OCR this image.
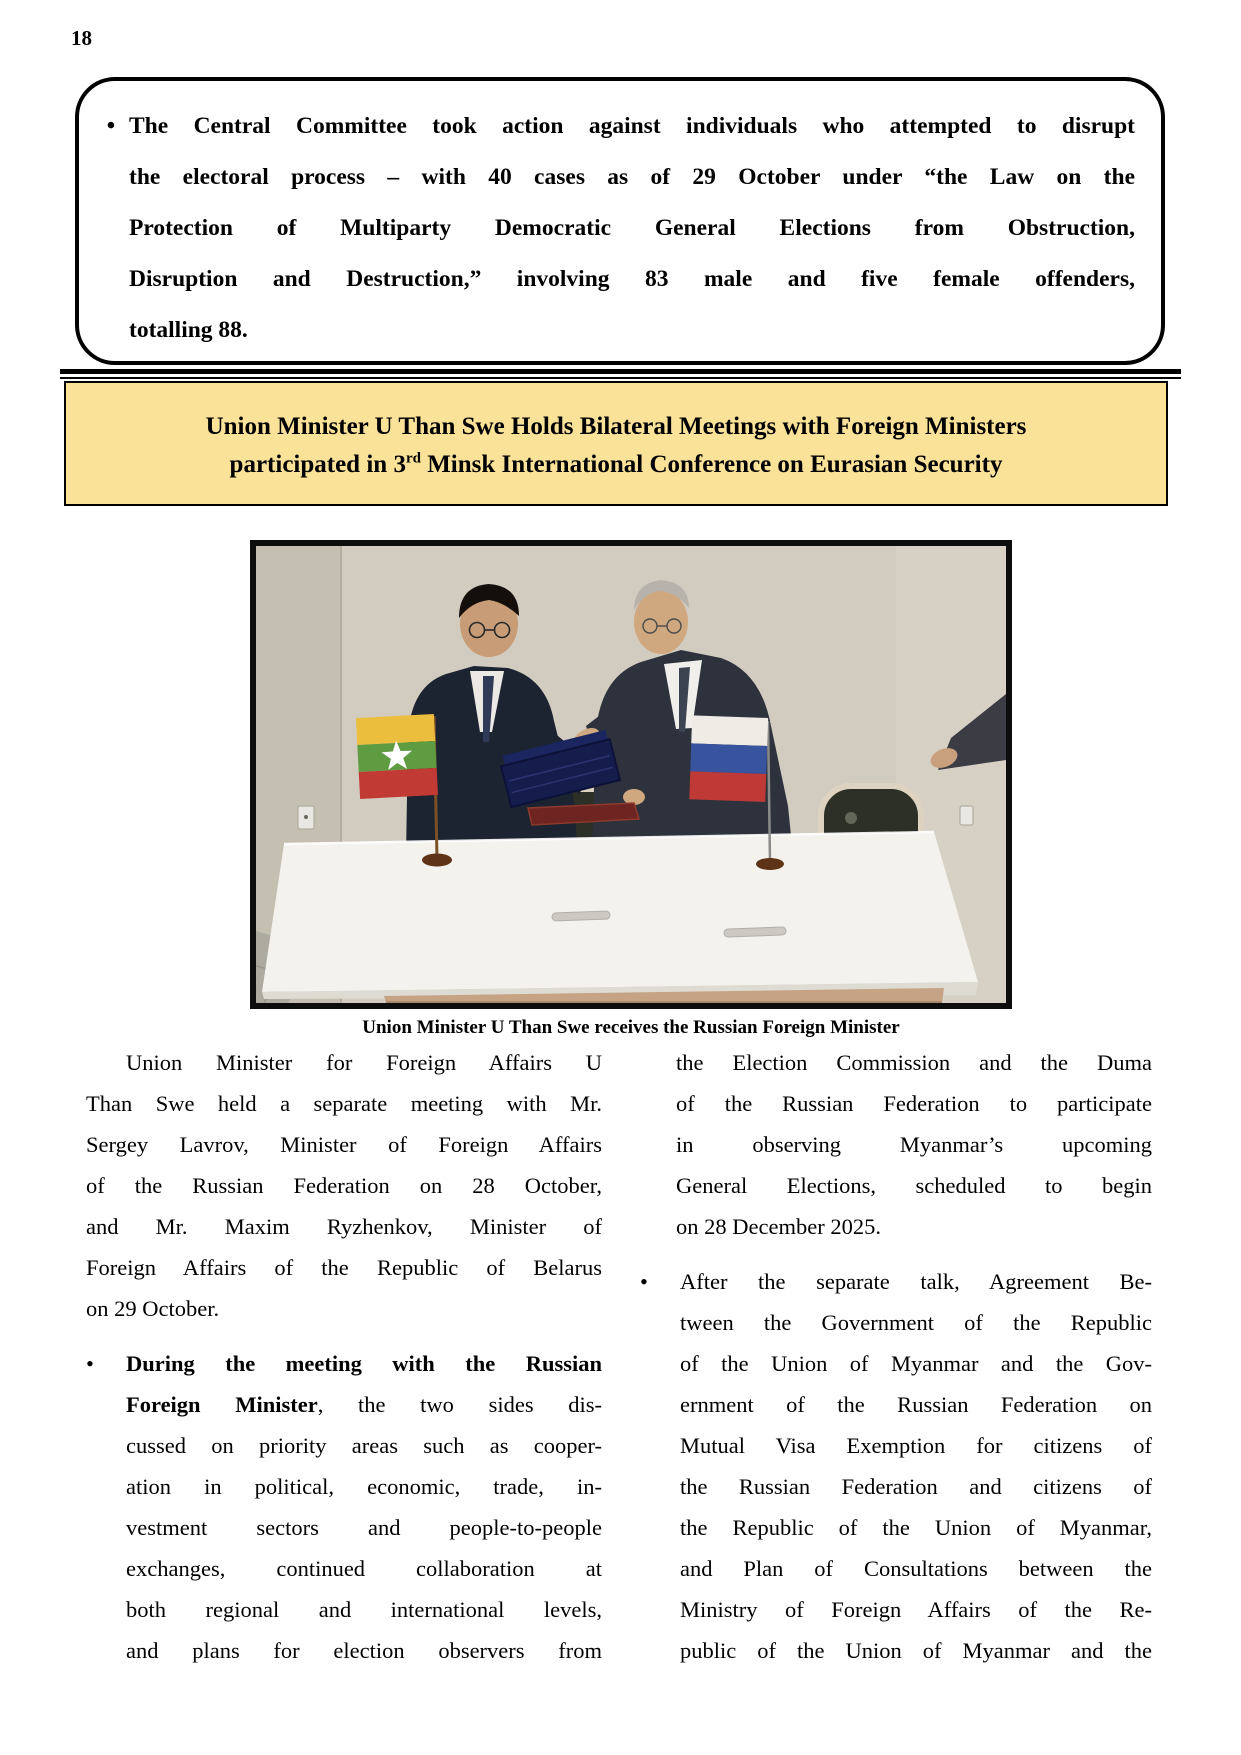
18
• The Central Committee took action against individuals who attempted to disrupt
the electoral process – with 40 cases as of 29 October under “the Law on the
Protection of Multiparty Democratic General Elections from Obstruction,
Disruption and Destruction,” involving 83 male and five female offenders,
totalling 88.
Union Minister U Than Swe Holds Bilateral Meetings with Foreign Ministers
participated in 3rd Minsk International Conference on Eurasian Security
Union Minister U Than Swe receives the Russian Foreign Minister
Union Minister for Foreign Affairs U
Than Swe held a separate meeting with Mr.
Sergey Lavrov, Minister of Foreign Affairs
of the Russian Federation on 28 October,
and Mr. Maxim Ryzhenkov, Minister of
Foreign Affairs of the Republic of Belarus
on 29 October.
•	During the meeting with the Russian
Foreign Minister, the two sides dis-
cussed on priority areas such as cooper-
ation in political, economic, trade, in-
vestment sectors and people-to-people
exchanges, continued collaboration at
both regional and international levels,
and plans for election observers from
the Election Commission and the Duma
of the Russian Federation to participate
in observing Myanmar’s upcoming
General Elections, scheduled to begin
on 28 December 2025.
•	After the separate talk, Agreement Be-
tween the Government of the Republic
of the Union of Myanmar and the Gov-
ernment of the Russian Federation on
Mutual Visa Exemption for citizens of
the Russian Federation and citizens of
the Republic of the Union of Myanmar,
and Plan of Consultations between the
Ministry of Foreign Affairs of the Re-
public of the Union of Myanmar and the
